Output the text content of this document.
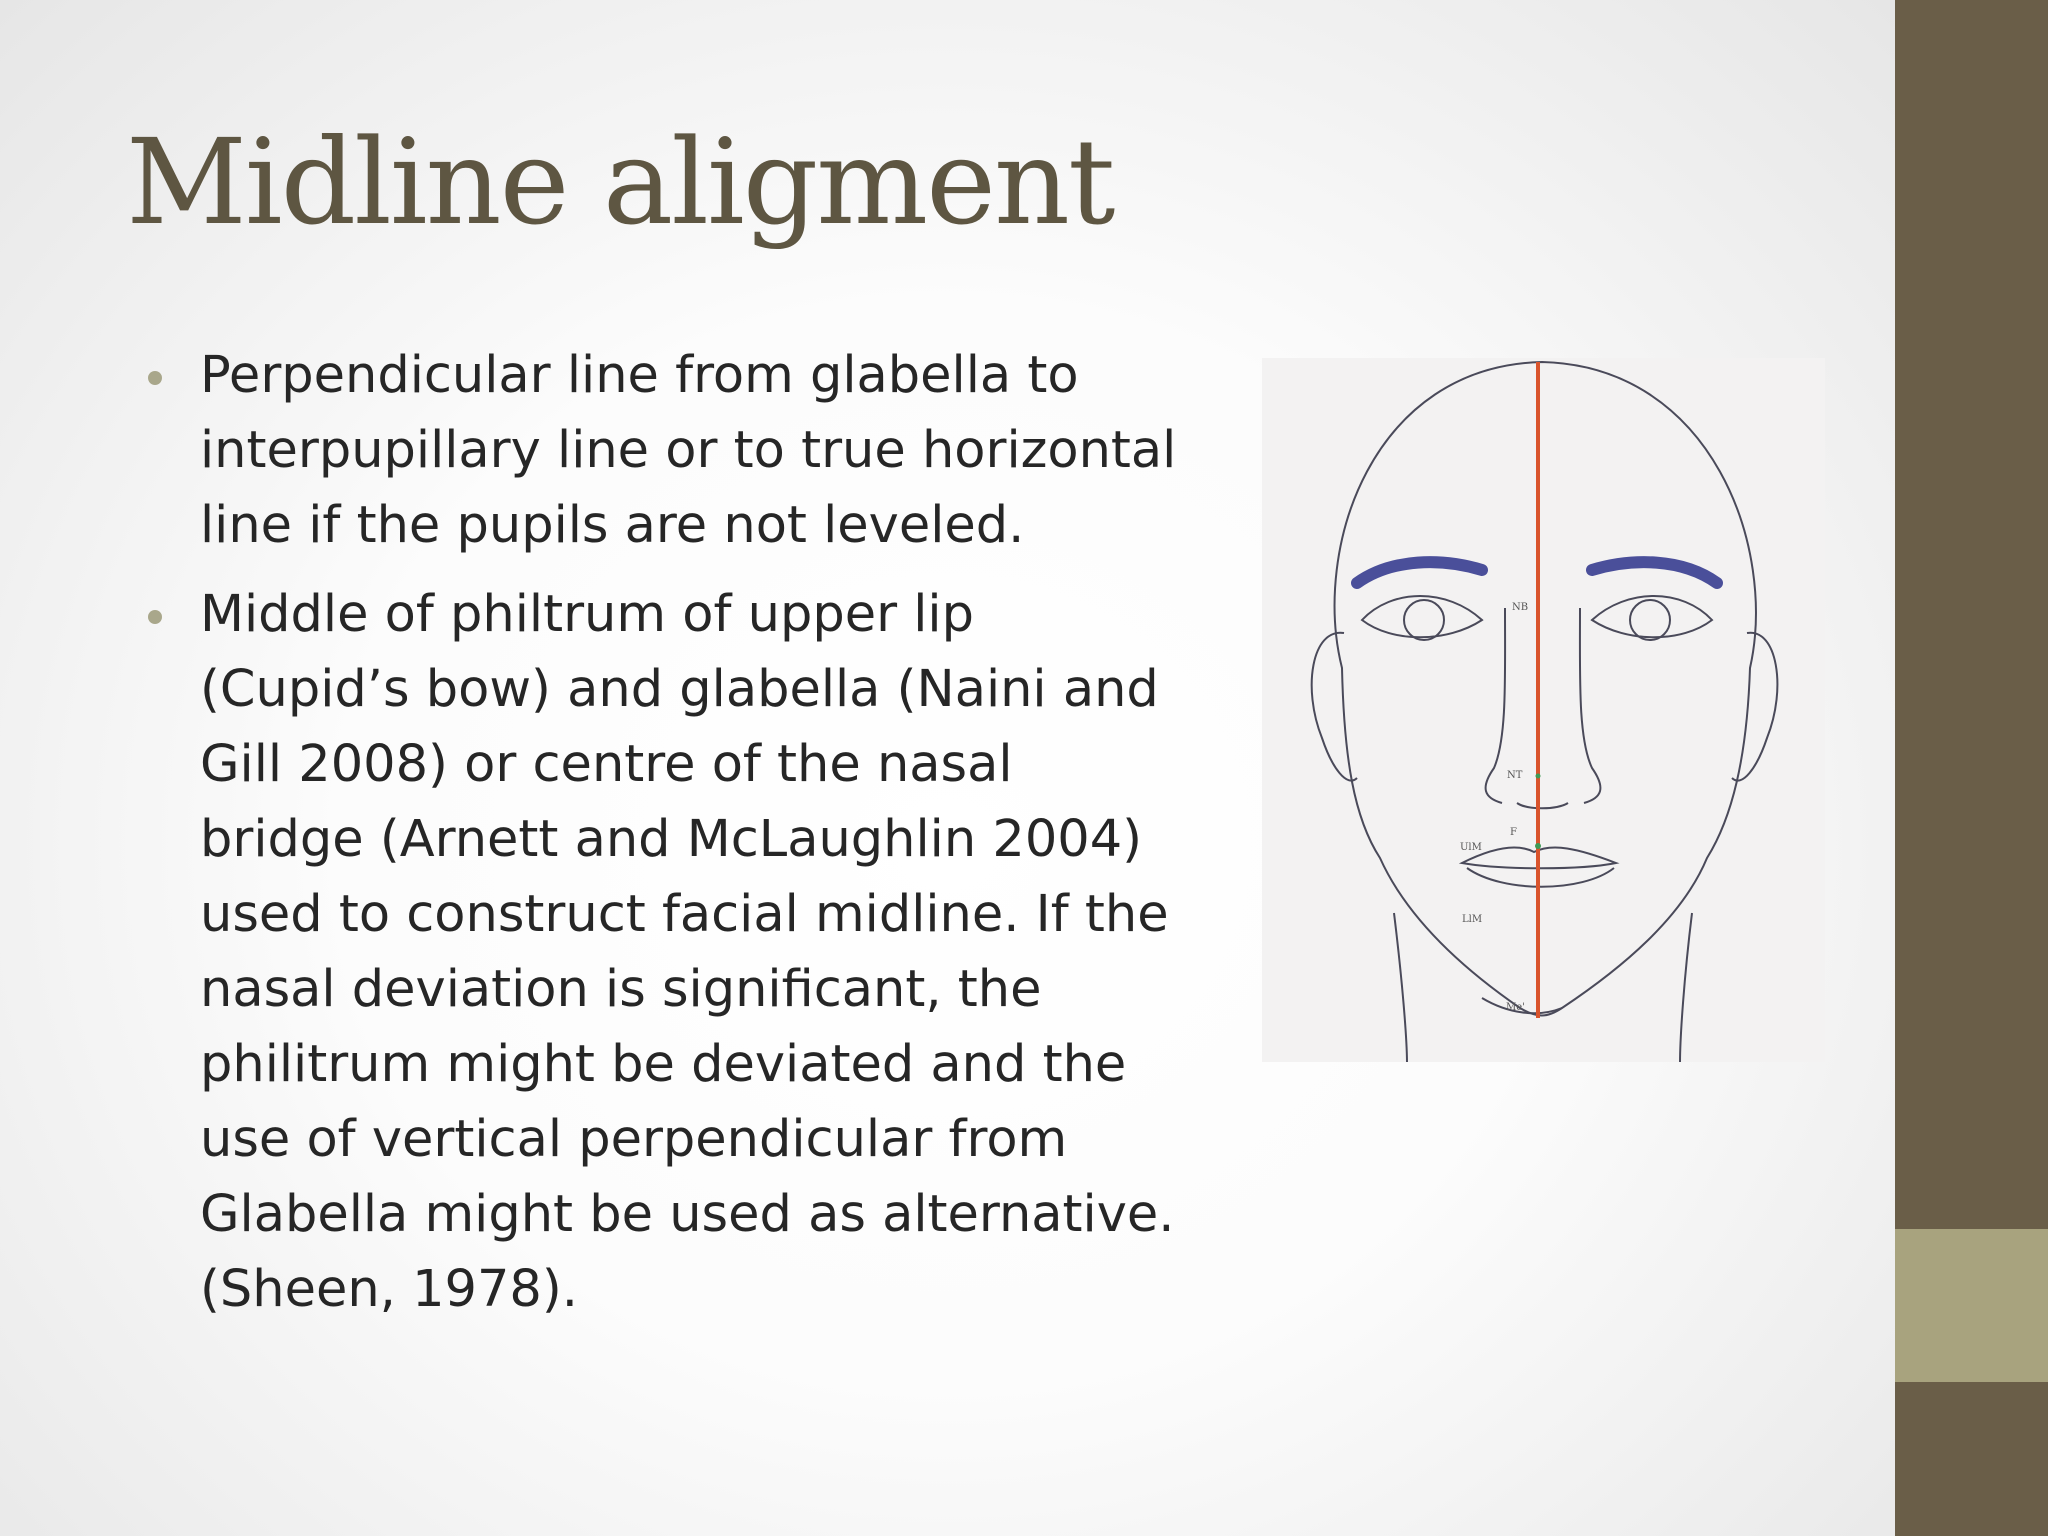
Midline aligment
Perpendicular line from glabella to interpupillary line or to true horizontal line if the pupils are not leveled.
Middle of philtrum of upper lip (Cupid’s bow) and glabella (Naini and Gill 2008) or centre of the nasal bridge (Arnett and McLaughlin 2004) used to construct facial midline. If the nasal deviation is significant, the philitrum might be deviated and the use of vertical perpendicular from Glabella might be used as alternative. (Sheen, 1978).
NB
NT
F
UlM
LlM
Me'
